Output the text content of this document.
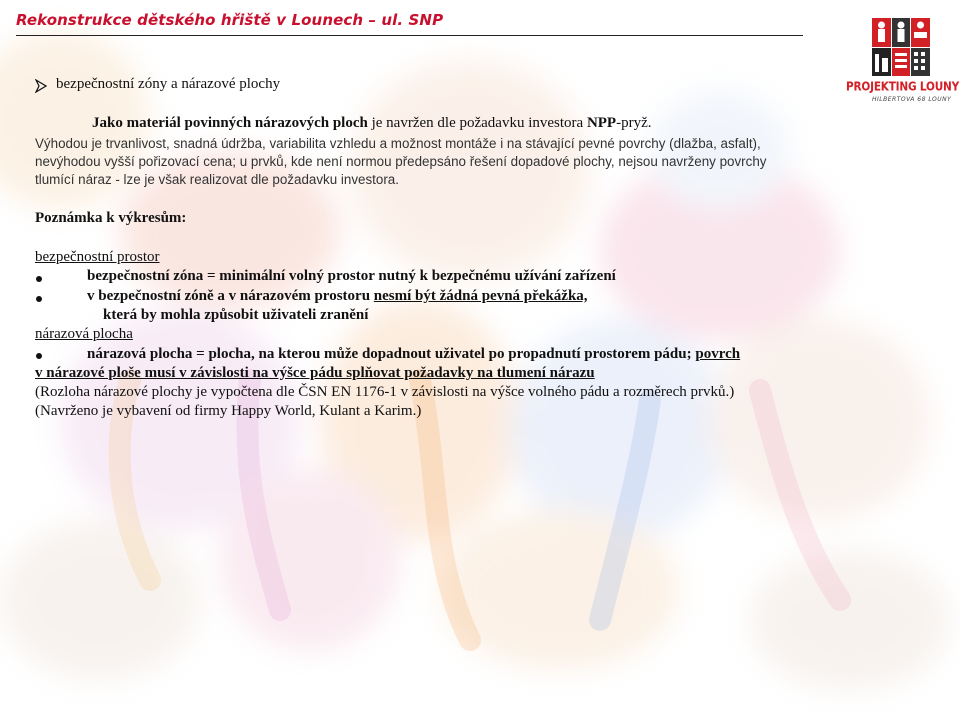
Rekonstrukce dětského hřiště v Lounech – ul. SNP
PROJEKTING LOUNY
HILBERTOVA 68 LOUNY
bezpečnostní zóny a nárazové plochy
Jako materiál povinných nárazových ploch je navržen dle požadavku investora NPP-pryž.
Výhodou je trvanlivost, snadná údržba, variabilita vzhledu a možnost montáže i na stávající pevné povrchy (dlažba, asfalt),
nevýhodou vyšší pořizovací cena; u prvků, kde není normou předepsáno řešení dopadové plochy, nejsou navrženy povrchy
tlumící náraz - lze je však realizovat dle požadavku investora.
Poznámka k výkresům:
bezpečnostní prostor
bezpečnostní zóna = minimální volný prostor nutný k bezpečnému užívání zařízení
v bezpečnostní zóně a v nárazovém prostoru nesmí být žádná pevná překážka,
která by mohla způsobit uživateli zranění
nárazová plocha
nárazová plocha = plocha, na kterou může dopadnout uživatel po propadnutí prostorem pádu; povrch
v nárazové ploše musí v závislosti na výšce pádu splňovat požadavky na tlumení nárazu
(Rozloha nárazové plochy je vypočtena dle ČSN EN 1176-1 v závislosti na výšce volného pádu a rozměrech prvků.)
(Navrženo je vybavení od firmy Happy World, Kulant a Karim.)
